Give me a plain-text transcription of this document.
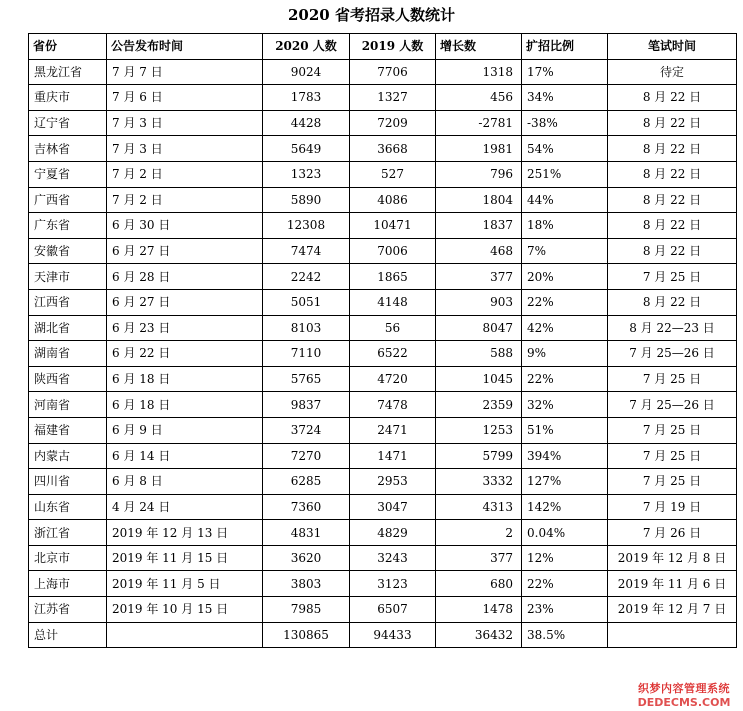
2020 省考招录人数统计
省份	公告发布时间	2020 人数	2019 人数	增长数	扩招比例	笔试时间
黑龙江省	7 月 7 日	9024	7706	1318	17%	待定
重庆市	7 月 6 日	1783	1327	456	34%	8 月 22 日
辽宁省	7 月 3 日	4428	7209	-2781	-38%	8 月 22 日
吉林省	7 月 3 日	5649	3668	1981	54%	8 月 22 日
宁夏省	7 月 2 日	1323	527	796	251%	8 月 22 日
广西省	7 月 2 日	5890	4086	1804	44%	8 月 22 日
广东省	6 月 30 日	12308	10471	1837	18%	8 月 22 日
安徽省	6 月 27 日	7474	7006	468	7%	8 月 22 日
天津市	6 月 28 日	2242	1865	377	20%	7 月 25 日
江西省	6 月 27 日	5051	4148	903	22%	8 月 22 日
湖北省	6 月 23 日	8103	56	8047	42%	8 月 22—23 日
湖南省	6 月 22 日	7110	6522	588	9%	7 月 25—26 日
陕西省	6 月 18 日	5765	4720	1045	22%	7 月 25 日
河南省	6 月 18 日	9837	7478	2359	32%	7 月 25—26 日
福建省	6 月 9 日	3724	2471	1253	51%	7 月 25 日
内蒙古	6 月 14 日	7270	1471	5799	394%	7 月 25 日
四川省	6 月 8 日	6285	2953	3332	127%	7 月 25 日
山东省	4 月 24 日	7360	3047	4313	142%	7 月 19 日
浙江省	2019 年 12 月 13 日	4831	4829	2	0.04%	7 月 26 日
北京市	2019 年 11 月 15 日	3620	3243	377	12%	2019 年 12 月 8 日
上海市	2019 年 11 月 5 日	3803	3123	680	22%	2019 年 11 月 6 日
江苏省	2019 年 10 月 15 日	7985	6507	1478	23%	2019 年 12 月 7 日
总计		130865	94433	36432	38.5%	
织梦内容管理系统
DEDECMS.COM
